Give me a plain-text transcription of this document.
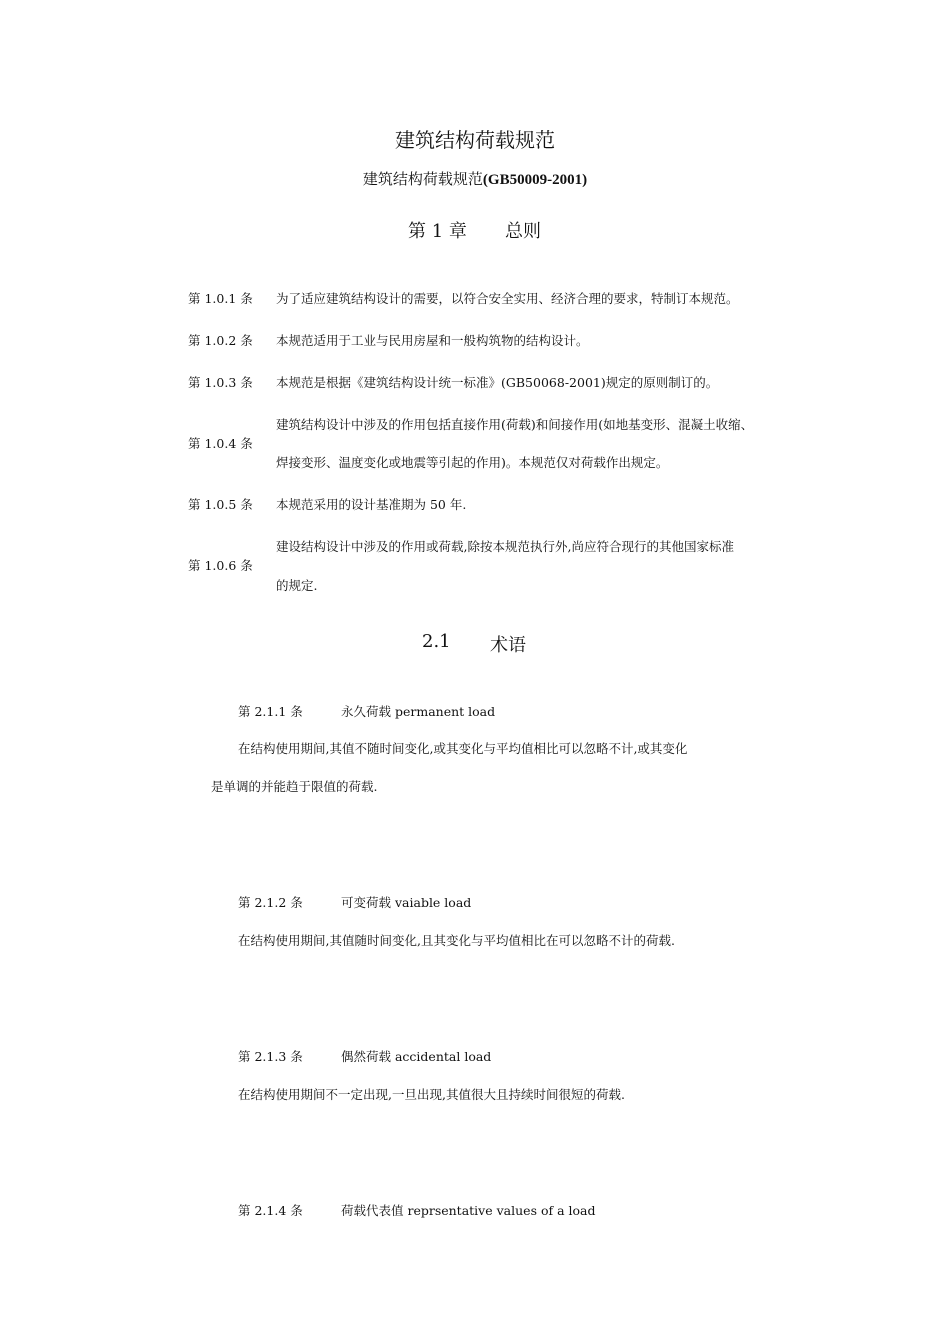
建筑结构荷载规范
建筑结构荷载规范(GB50009-2001)
第 1 章 总则
第 1.0.1 条 为了适应建筑结构设计的需要，以符合安全实用、经济合理的要求，特制订本规范。
第 1.0.2 条 本规范适用于工业与民用房屋和一般构筑物的结构设计。
第 1.0.3 条 本规范是根据《建筑结构设计统一标准》(GB50068-2001)规定的原则制订的。
第 1.0.4 条
建筑结构设计中涉及的作用包括直接作用(荷载)和间接作用(如地基变形、混凝土收缩、
焊接变形、温度变化或地震等引起的作用)。本规范仅对荷载作出规定。
第 1.0.5 条 本规范采用的设计基准期为 50 年.
第 1.0.6 条
建设结构设计中涉及的作用或荷载,除按本规范执行外,尚应符合现行的其他国家标准
的规定.
2.1 术语
第 2.1.1 条	永久荷载 permanent load
在结构使用期间,其值不随时间变化,或其变化与平均值相比可以忽略不计,或其变化
是单调的并能趋于限值的荷载.
第 2.1.2 条	可变荷载 vaiable load
在结构使用期间,其值随时间变化,且其变化与平均值相比在可以忽略不计的荷载.
第 2.1.3 条	偶然荷载 accidental load
在结构使用期间不一定出现,一旦出现,其值很大且持续时间很短的荷载.
第 2.1.4 条	荷载代表值 reprsentative values of a load
